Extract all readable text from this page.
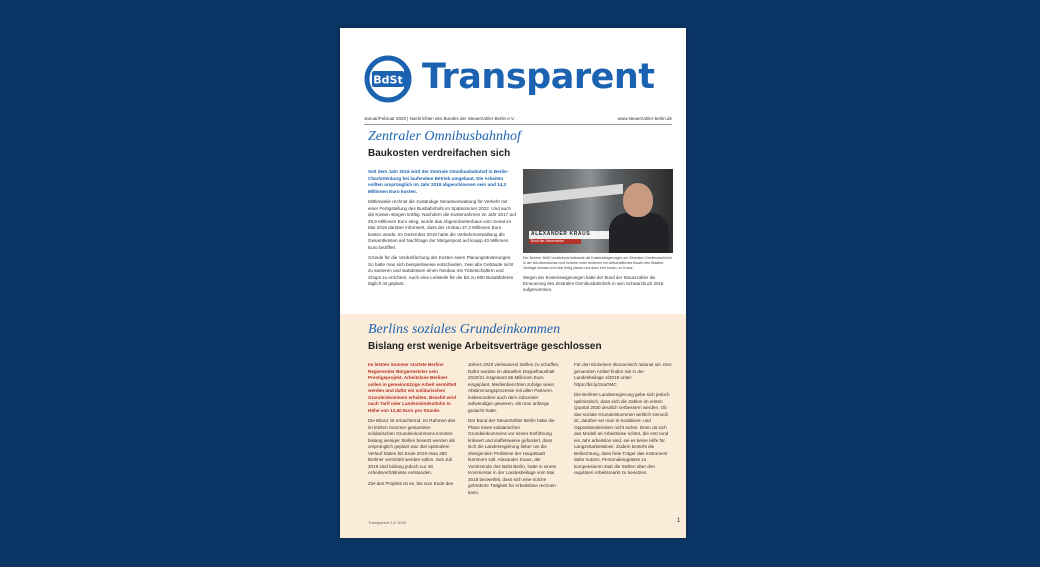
BdSt Transparent
Januar/Februar 2020 | Nachrichten des Bundes der Steuerzahler Berlin e.V.	www.steuerzahler-berlin.de
Zentraler Omnibusbahnhof
Baukosten verdreifachen sich

Seit dem Jahr 2016 wird der Zentrale Omnibusbahnhof in Berlin-Charlottenburg bei laufendem Betrieb umgebaut. Die Arbeiten sollten ursprünglich im Jahr 2019 abgeschlossen sein und 14,3 Millionen Euro kosten.

Mittlerweile rechnet die zuständige Senatsverwaltung für Verkehr mit einer Fertigstellung des Busbahnhofs im Spätsommer 2022. Und auch die Kosten stiegen kräftig: Nachdem die Kostenrahmen im Jahr 2017 auf 29,9 Millionen Euro stieg, wurde das Abgeordnetenhaus vom Senat im Mai 2018 darüber informiert, dass der Umbau 37,3 Millionen Euro kosten würde. Im Dezember 2019 hatte die Verkehrsverwaltung die Gesamtkosten auf Nachfrage der Morgenpost auf knapp 40 Millionen Euro beziffert.

Gründe für die Verdreifachung der Kosten seien Planungsänderungen. So hatte man sich beispielsweise entschieden, zwei alte Gebäude nicht zu sanieren und stattdessen einen Neubau mit Ticketschaltern und Shops zu errichten. Auch eine Leitstelle für die bis zu 800 Busabfahrten täglich ist geplant.

ALEXANDER KRAUS
Bund der Steuerzahler

Der Berliner BdSt-Vorsitzende kritisierte die Kostensteigerungen am Zentralen Omnibusbahnhof in der rbb-Abendschau und forderte unter anderem ein wirtschaftliches Bauen des Staates. Verträge müssen sich klar fertig planen und dann erst bauen, so Kraus.

Wegen der Kostensteigerungen hatte der Bund der Steuerzahler die Erneuerung des Zentralen Omnibusbahnhofs in sein Schwarzbuch 2018 aufgenommen.

Berlins soziales Grundeinkommen
Bislang erst wenige Arbeitsverträge geschlossen

Im letzten Sommer startete Berlins Regierender Bürgermeister sein Prestigeprojekt. Arbeitslose Berliner sollen in gemeinnützige Arbeit vermittelt werden und dafür ein solidarisches Grundeinkommen erhalten. Bezahlt wird nach Tarif oder Landesmindestlohn in Höhe von 12,50 Euro pro Stunde.

Die Bilanz ist ernüchternd. Im Rahmen des im letzten Sommer gestarteten solidarischen Grundeinkommens konnten bislang weniger Stellen besetzt werden als ursprünglich geplant war. Bei optimalem Verlauf hätten bis Ende 2019 etwa 250 Berliner vermittelt werden sollen. Seit Juli 2019 sind bislang jedoch nur 48 Arbeitsverhältnisse entstanden.

Ziel des Projekts ist es, bis zum Ende des

Jahres 2020 vierlausend Stellen zu schaffen. Dafür wurden im aktuellen Doppelhaushalt 2020/21 insgesamt 56 Millionen Euro eingeplant. Medienberichten zufolge seien Abstimmungsprozesse mit allen Partnern, insbesondere auch dem Jobcenter aufwendiger gewesen, als man anfangs gedacht hatte.

Der Bund der Steuerzahler Berlin hatte die Pläne eines solidarischen Grundeinkommens vor seiner Einführung kritisiert und staffelsweise gefordert, dass sich die Landesregierung lieber um die drängenden Probleme der Hauptstadt kümmern soll. Alexander Kraus, der Vorsitzende des BdSt Berlin, hatte in einem Kommentar in der Landesbeilage vom Mai 2018 bezweifelt, dass sich eine solche geförderte Tätigkeit für Arbeitslose rechnen kann.

Für den Einzelnen ökonomisch rational sei. Den genannten Artikel finden Sie in der Landesbeilage 4/2018 unter: https://bit.ly/2saOMC.

Die Berliner Landesregierung gebe sich jedoch optimistisch, dass sich die Zahlen im ersten Quartal 2020 deutlich verbessern werden. Ob das soziale Grundeinkommen wirklich sinnvoll ist, darüber sei man in Koalitions- und Oppositionskreisen nicht sicher. Denn da sich das Modell an Arbeitslose richtet, die erst rund ein Jahr arbeitslos sind, sei es keine Hilfe für Langzeitarbeitslose. Zudem besteht die Befürchtung, dass freie Träger das Instrument dafür nutzen, Personalengpässe zu kompensieren statt die Stellen über den regulären Arbeitsmarkt zu besetzen.

Transparent 1/2 2020	1
